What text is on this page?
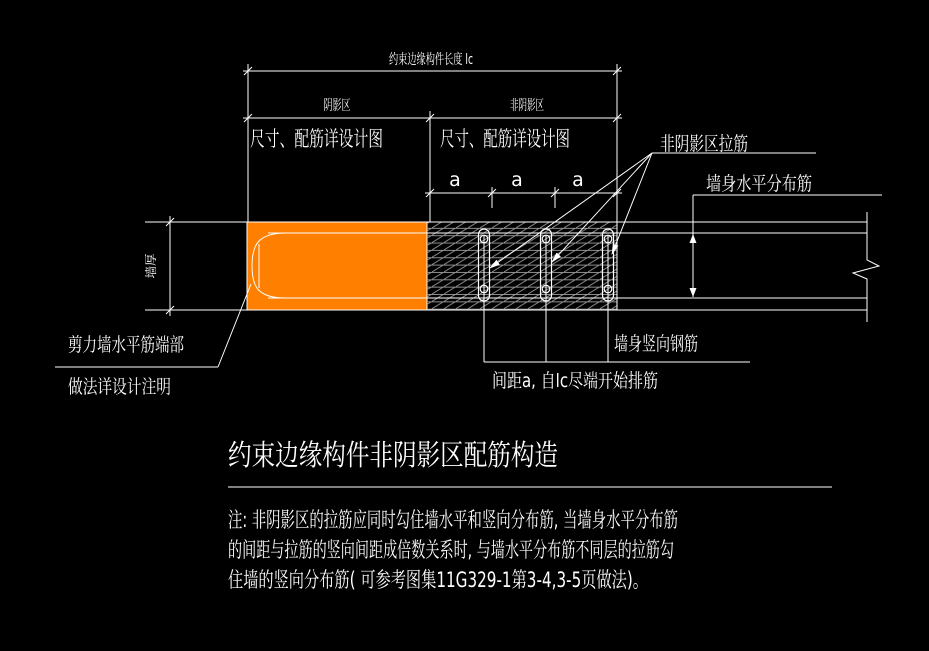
约束边缘构件长度 lc
阴影区	非阴影区
尺寸、配筋详设计图	尺寸、配筋详设计图
a	a	a
墙厚
非阴影区拉筋
墙身水平分布筋
墙身竖向钢筋
间距a, 自lc尽端开始排筋
剪力墙水平筋端部
做法详设计注明
约束边缘构件非阴影区配筋构造
注: 非阴影区的拉筋应同时勾住墙水平和竖向分布筋, 当墙身水平分布筋
的间距与拉筋的竖向间距成倍数关系时, 与墙水平分布筋不同层的拉筋勾
住墙的竖向分布筋( 可参考图集11G329-1第3-4,3-5页做法)。
